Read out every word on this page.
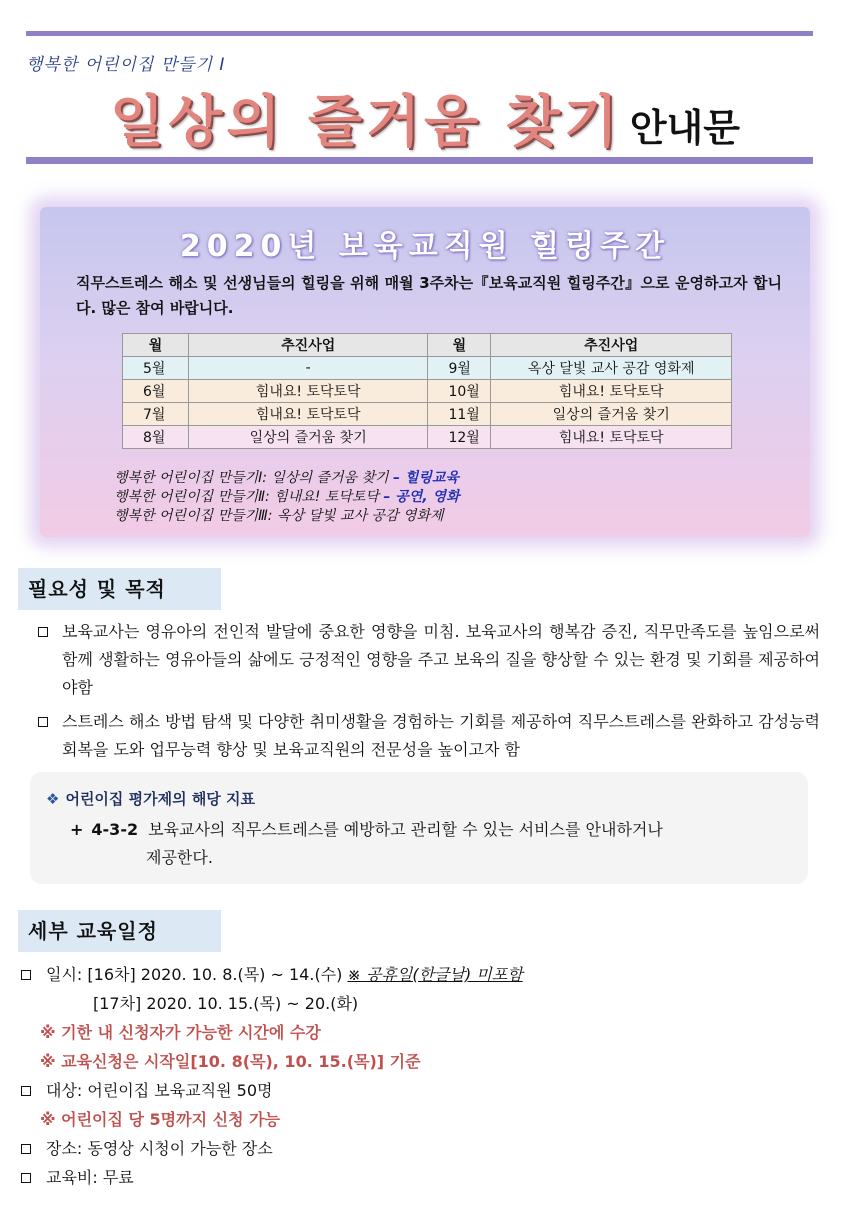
행복한 어린이집 만들기 I
일상의 즐거움 찾기 안내문
2020년 보육교직원 힐링주간
직무스트레스 해소 및 선생님들의 힐링을 위해 매월 3주차는『보육교직원 힐링주간』으로 운영하고자 합니다. 많은 참여 바랍니다.
월	추진사업	월	추진사업
5월	-	9월	옥상 달빛 교사 공감 영화제
6월	힘내요! 토닥토닥	10월	힘내요! 토닥토닥
7월	힘내요! 토닥토닥	11월	일상의 즐거움 찾기
8월	일상의 즐거움 찾기	12월	힘내요! 토닥토닥
행복한 어린이집 만들기Ⅰ: 일상의 즐거움 찾기 – 힐링교육
행복한 어린이집 만들기Ⅱ: 힘내요! 토닥토닥 – 공연, 영화
행복한 어린이집 만들기Ⅲ: 옥상 달빛 교사 공감 영화제
필요성 및 목적
보육교사는 영유아의 전인적 발달에 중요한 영향을 미침. 보육교사의 행복감 증진, 직무만족도를 높임으로써 함께 생활하는 영유아들의 삶에도 긍정적인 영향을 주고 보육의 질을 향상할 수 있는 환경 및 기회를 제공하여야함
스트레스 해소 방법 탐색 및 다양한 취미생활을 경험하는 기회를 제공하여 직무스트레스를 완화하고 감성능력회복을 도와 업무능력 향상 및 보육교직원의 전문성을 높이고자 함
❖ 어린이집 평가제의 해당 지표
+ 4-3-2 보육교사의 직무스트레스를 예방하고 관리할 수 있는 서비스를 안내하거나
제공한다.
세부 교육일정
일시: [16차] 2020. 10. 8.(목) ~ 14.(수) ※ 공휴일(한글날) 미포함
[17차] 2020. 10. 15.(목) ~ 20.(화)
※ 기한 내 신청자가 가능한 시간에 수강
※ 교육신청은 시작일[10. 8(목), 10. 15.(목)] 기준
대상: 어린이집 보육교직원 50명
※ 어린이집 당 5명까지 신청 가능
장소: 동영상 시청이 가능한 장소
교육비: 무료
